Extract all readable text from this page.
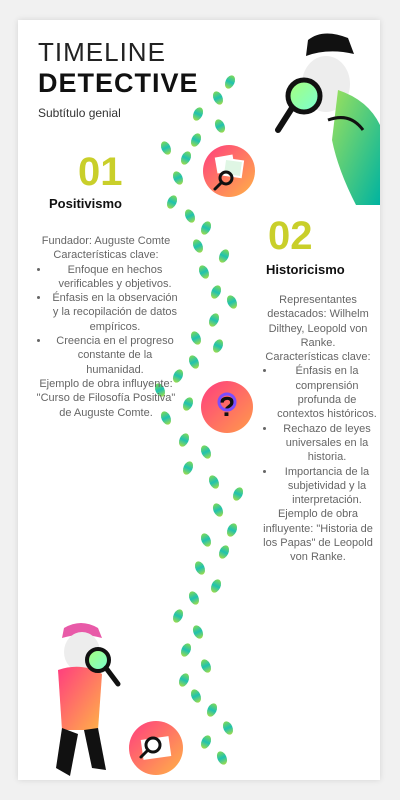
TIMELINE
DETECTIVE
Subtítulo genial
?
01
Positivismo

Fundador: Auguste Comte

Características clave:

• Enfoque en hechos verificables y objetivos.
• Énfasis en la observación y la recopilación de datos empíricos.
• Creencia en el progreso constante de la humanidad.

Ejemplo de obra influyente: "Curso de Filosofía Positiva" de Auguste Comte.

02
Historicismo

Representantes destacados: Wilhelm Dilthey, Leopold von Ranke.

Características clave:

• Énfasis en la comprensión profunda de contextos históricos.
• Rechazo de leyes universales en la historia.
• Importancia de la subjetividad y la interpretación.

Ejemplo de obra influyente: "Historia de los Papas" de Leopold von Ranke.
